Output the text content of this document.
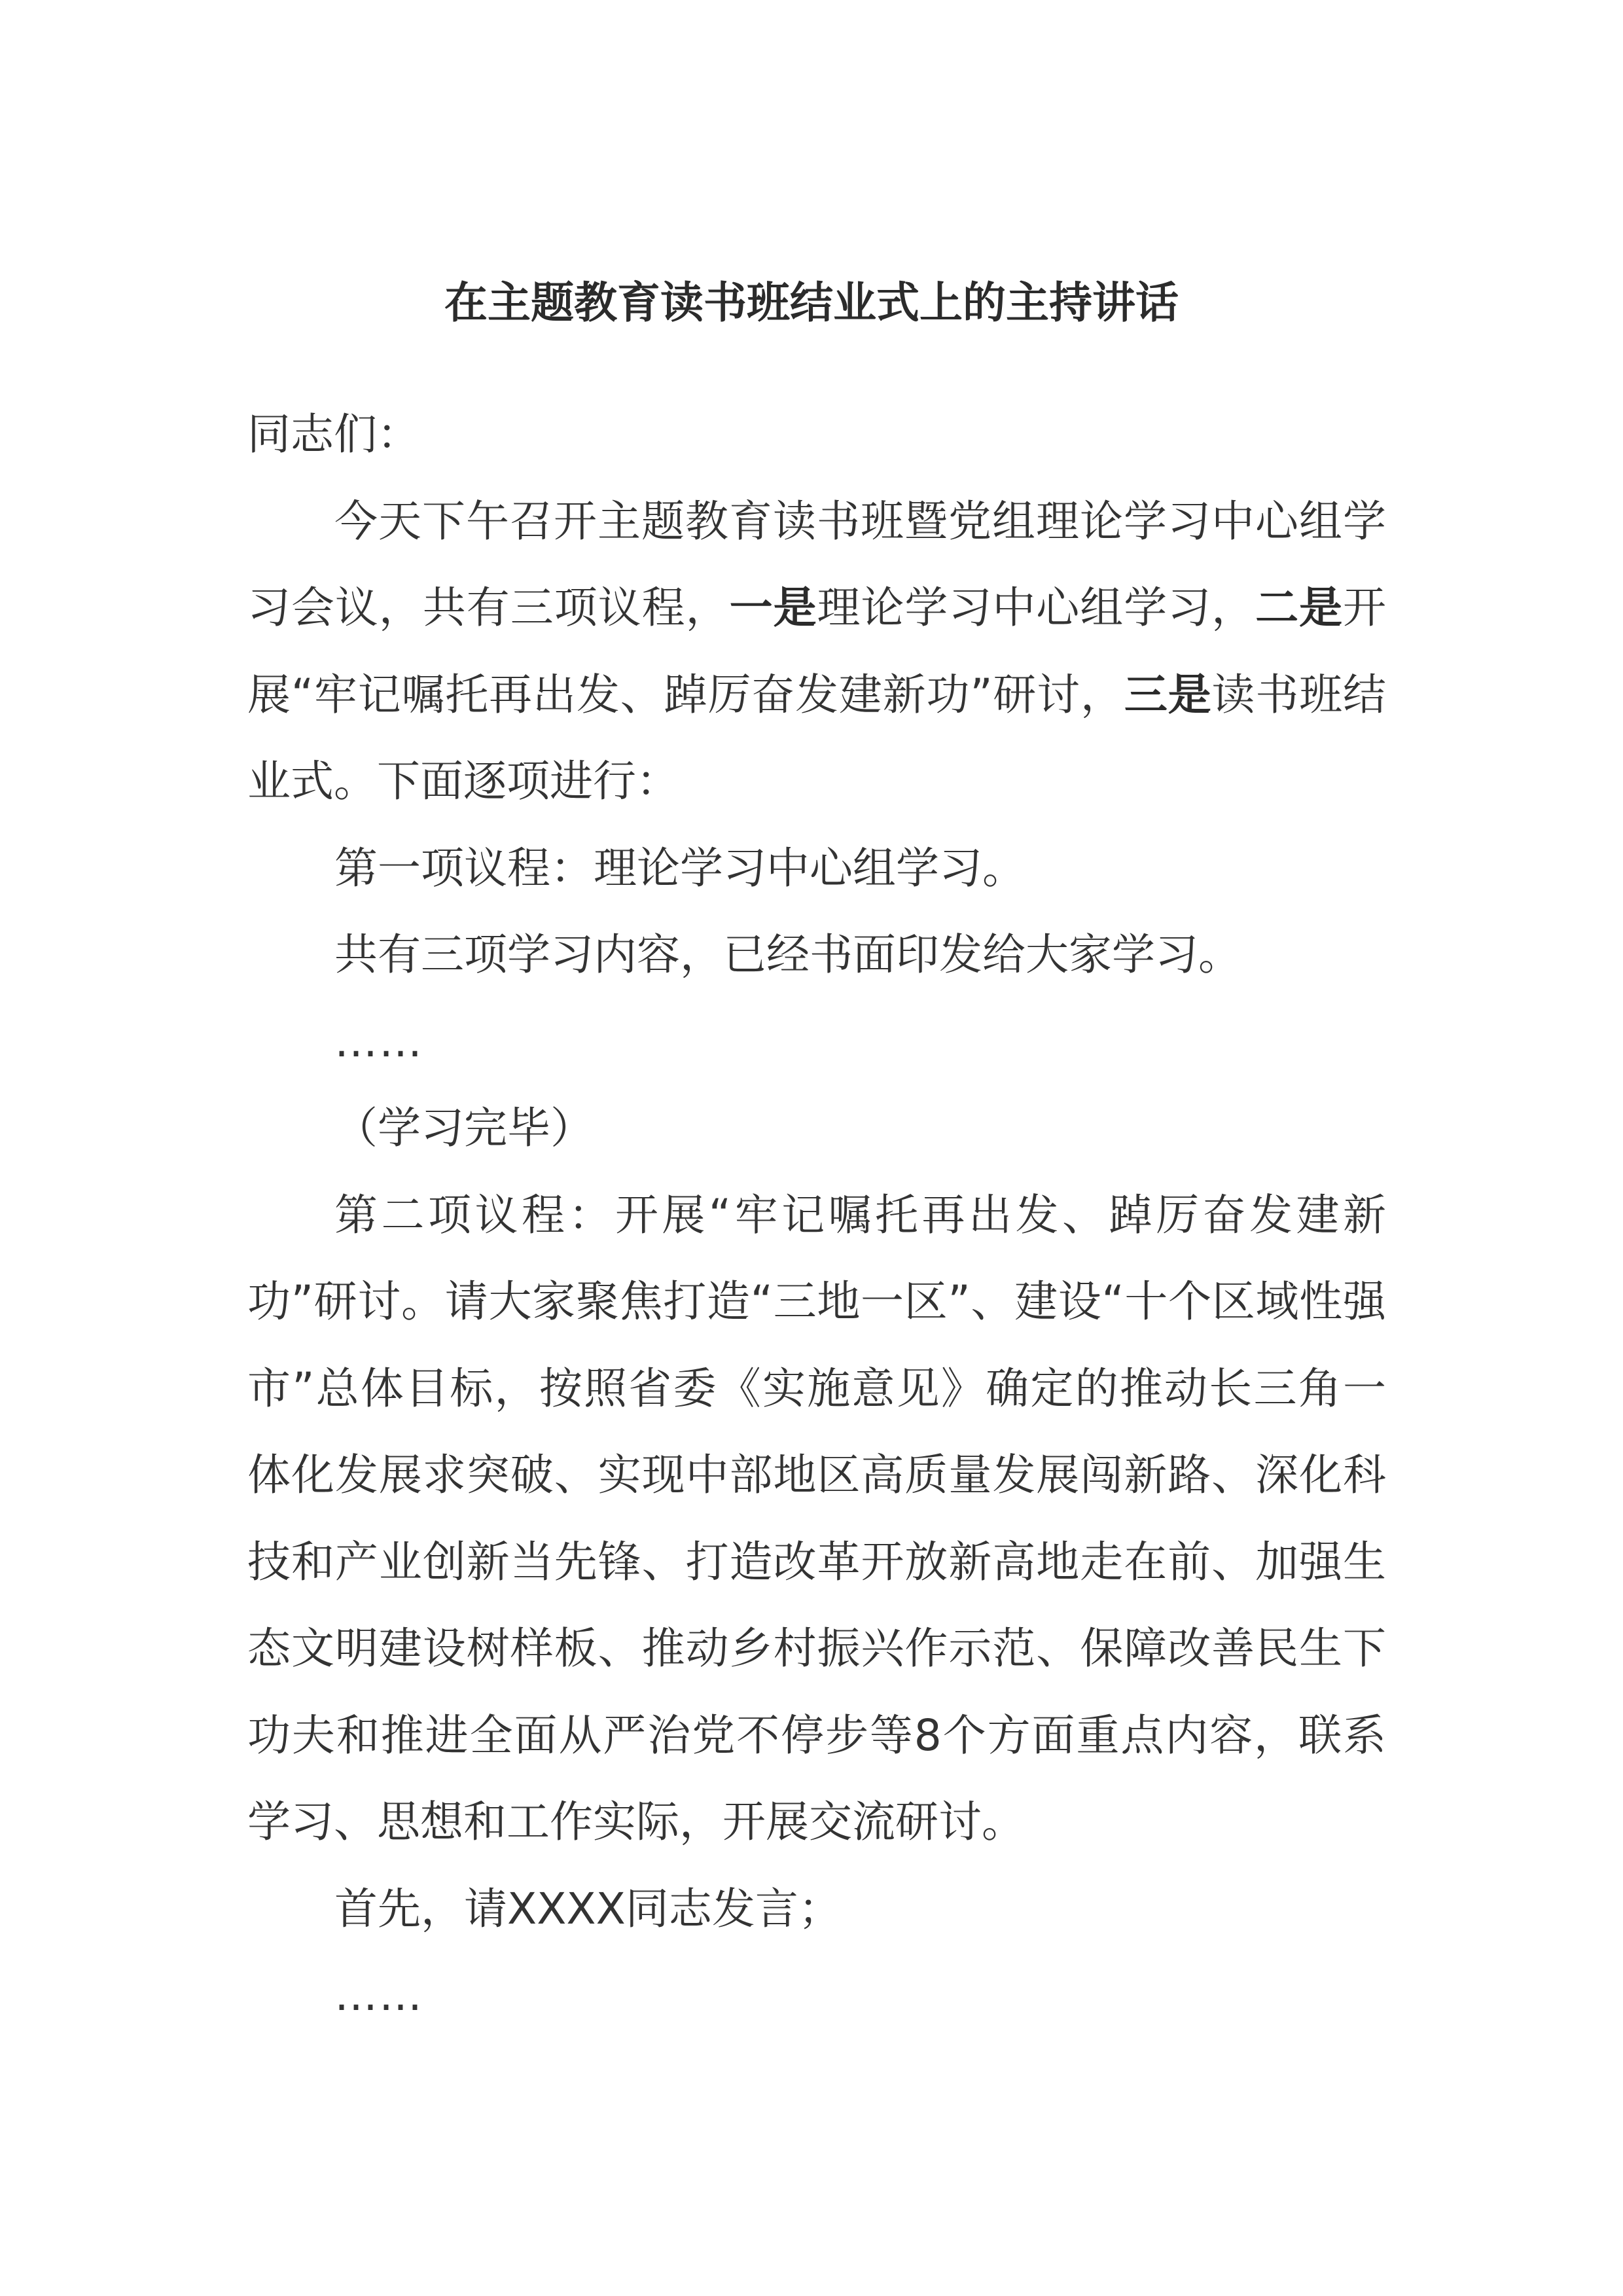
在主题教育读书班结业式上的主持讲话

同志们：

今天下午召开主题教育读书班暨党组理论学习中心组学习会议，共有三项议程，一是理论学习中心组学习，二是开展“牢记嘱托再出发、踔厉奋发建新功”研讨，三是读书班结业式。下面逐项进行：

第一项议程：理论学习中心组学习。

共有三项学习内容，已经书面印发给大家学习。

……

（学习完毕）

第二项议程：开展“牢记嘱托再出发、踔厉奋发建新功”研讨。请大家聚焦打造“三地一区”、建设“十个区域性强市”总体目标，按照省委《实施意见》确定的推动长三角一体化发展求突破、实现中部地区高质量发展闯新路、深化科技和产业创新当先锋、打造改革开放新高地走在前、加强生态文明建设树样板、推动乡村振兴作示范、保障改善民生下功夫和推进全面从严治党不停步等8个方面重点内容，联系学习、思想和工作实际，开展交流研讨。

首先，请XXXX同志发言；

……
